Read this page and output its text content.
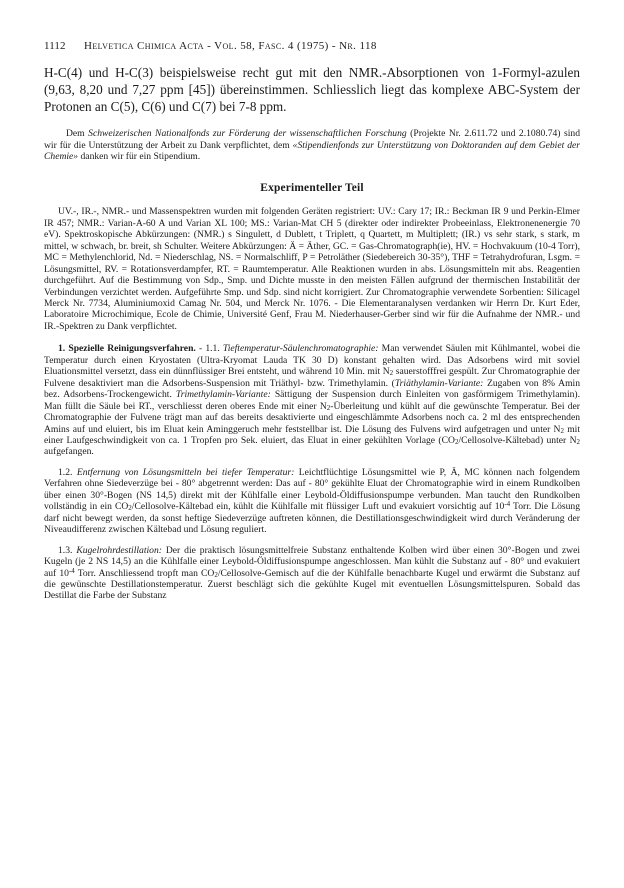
1112	Helvetica Chimica Acta - Vol. 58, Fasc. 4 (1975) - Nr. 118

H-C(4) und H-C(3) beispielsweise recht gut mit den NMR.-Absorptionen von 1-Formyl-azulen (9,63, 8,20 und 7,27 ppm [45]) übereinstimmen. Schliesslich liegt das komplexe ABC-System der Protonen an C(5), C(6) und C(7) bei 7-8 ppm.

Dem Schweizerischen Nationalfonds zur Förderung der wissenschaftlichen Forschung (Projekte Nr. 2.611.72 und 2.1080.74) sind wir für die Unterstützung der Arbeit zu Dank verpflichtet, dem «Stipendienfonds zur Unterstützung von Doktoranden auf dem Gebiet der Chemie» danken wir für ein Stipendium.

Experimenteller Teil

UV.-, IR.-, NMR.- und Massenspektren wurden mit folgenden Geräten registriert: UV.: Cary 17; IR.: Beckman IR 9 und Perkin-Elmer IR 457; NMR.: Varian-A-60 A und Varian XL 100; MS.: Varian-Mat CH 5 (direkter oder indirekter Probeeinlass, Elektronenenergie 70 eV). Spektroskopische Abkürzungen: (NMR.) s Singulett, d Dublett, t Triplett, q Quartett, m Multiplett; (IR.) vs sehr stark, s stark, m mittel, w schwach, br. breit, sh Schulter. Weitere Abkürzungen: Ä = Äther, GC. = Gas-Chromatograph(ie), HV. = Hochvakuum (10-4 Torr), MC = Methylenchlorid, Nd. = Niederschlag, NS. = Normalschliff, P = Petroläther (Siedebereich 30-35°), THF = Tetrahydrofuran, Lsgm. = Lösungsmittel, RV. = Rotationsverdampfer, RT. = Raumtemperatur. Alle Reaktionen wurden in abs. Lösungsmitteln mit abs. Reagentien durchgeführt. Auf die Bestimmung von Sdp., Smp. und Dichte musste in den meisten Fällen aufgrund der thermischen Instabilität der Verbindungen verzichtet werden. Aufgeführte Smp. und Sdp. sind nicht korrigiert. Zur Chromatographie verwendete Sorbentien: Silicagel Merck Nr. 7734, Aluminiumoxid Camag Nr. 504, und Merck Nr. 1076. - Die Elementaranalysen verdanken wir Herrn Dr. Kurt Eder, Laboratoire Microchimique, Ecole de Chimie, Université Genf, Frau M. Niederhauser-Gerber sind wir für die Aufnahme der NMR.- und IR.-Spektren zu Dank verpflichtet.

1. Spezielle Reinigungsverfahren. - 1.1. Tieftemperatur-Säulenchromatographie: Man verwendet Säulen mit Kühlmantel, wobei die Temperatur durch einen Kryostaten (Ultra-Kryomat Lauda TK 30 D) konstant gehalten wird. Das Adsorbens wird mit soviel Eluationsmittel versetzt, dass ein dünnflüssiger Brei entsteht, und während 10 Min. mit $N_2$ sauerstofffrei gespült. Zur Chromatographie der Fulvene desaktiviert man die Adsorbens-Suspension mit Triäthyl- bzw. Trimethylamin. (Triäthylamin-Variante: Zugaben von 8% Amin bez. Adsorbens-Trockengewicht. Trimethylamin-Variante: Sättigung der Suspension durch Einleiten von gasförmigem Trimethylamin). Man füllt die Säule bei RT., verschliesst deren oberes Ende mit einer $N_2$-Überleitung und kühlt auf die gewünschte Temperatur. Bei der Chromatographie der Fulvene trägt man auf das bereits desaktivierte und eingeschlämmte Adsorbens noch ca. 2 ml des entsprechenden Amins auf und eluiert, bis im Eluat kein Aminggeruch mehr feststellbar ist. Die Lösung des Fulvens wird aufgetragen und unter $N_2$ mit einer Laufgeschwindigkeit von ca. 1 Tropfen pro Sek. eluiert, das Eluat in einer gekühlten Vorlage $(CO_2/Cellosolve-Kältebad)$ unter $N_2$ aufgefangen.

1.2. Entfernung von Lösungsmitteln bei tiefer Temperatur: Leichtflüchtige Lösungsmittel wie P, Ä, MC können nach folgendem Verfahren ohne Siedeverzüge bei - 80° abgetrennt werden: Das auf - 80° gekühlte Eluat der Chromatographie wird in einem Rundkolben über einen 30°-Bogen (NS 14,5) direkt mit der Kühlfalle einer Leybold-Öldiffusionspumpe verbunden. Man taucht den Rundkolben vollständig in ein $CO_2/Cellosolve$-Kältebad ein, kühlt die Kühlfalle mit flüssiger Luft und evakuiert vorsichtig auf $10^{-4}$ Torr. Die Lösung darf nicht bewegt werden, da sonst heftige Siedeverzüge auftreten können, die Destillationsgeschwindigkeit wird durch Veränderung der Niveaudifferenz zwischen Kältebad und Lösung reguliert.

1.3. Kugelrohrdestillation: Der die praktisch lösungsmittelfreie Substanz enthaltende Kolben wird über einen 30°-Bogen und zwei Kugeln (je 2 NS 14,5) an die Kühlfalle einer Leybold-Öldiffusionspumpe angeschlossen. Man kühlt die Substanz auf - 80° und evakuiert auf $10^{-4}$ Torr. Anschliessend tropft man $CO_2/Cellosolve$-Gemisch auf die der Kühlfalle benachbarte Kugel und erwärmt die Substanz auf die gewünschte Destillationstemperatur. Zuerst beschlägt sich die gekühlte Kugel mit eventuellen Lösungsmittelspuren. Sobald das Destillat die Farbe der Substanz
